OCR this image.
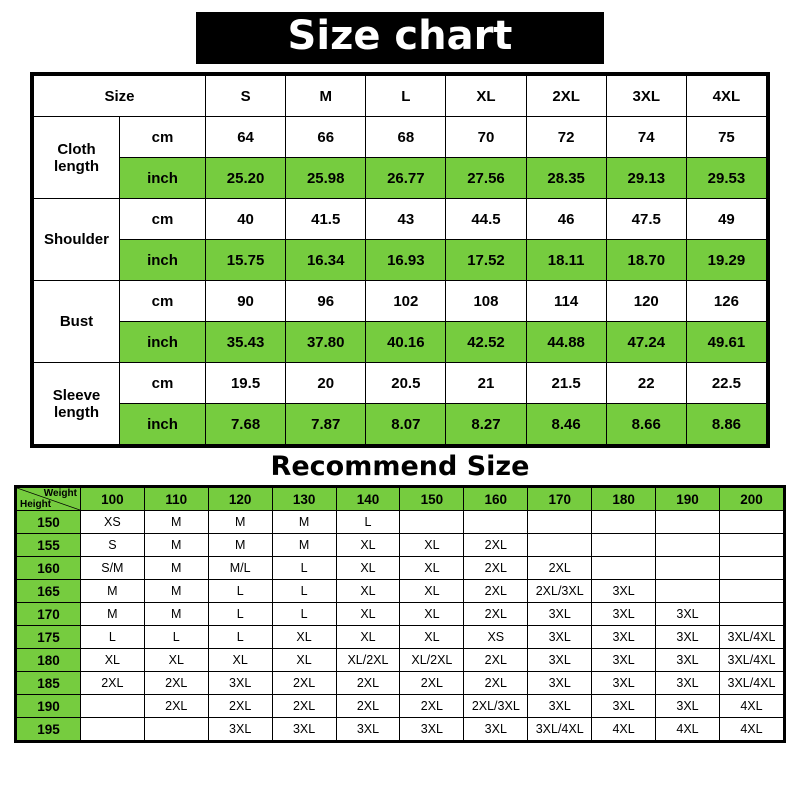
Size chart
Size		S	M	L	XL	2XL	3XL	4XL
Cloth length	cm	64	66	68	70	72	74	75
	inch	25.20	25.98	26.77	27.56	28.35	29.13	29.53
Shoulder	cm	40	41.5	43	44.5	46	47.5	49
	inch	15.75	16.34	16.93	17.52	18.11	18.70	19.29
Bust	cm	90	96	102	108	114	120	126
	inch	35.43	37.80	40.16	42.52	44.88	47.24	49.61
Sleeve length	cm	19.5	20	20.5	21	21.5	22	22.5
	inch	7.68	7.87	8.07	8.27	8.46	8.66	8.86
Recommend Size
Weight
Height	100	110	120	130	140	150	160	170	180	190	200
150	XS	M	M	M	L						
155	S	M	M	M	XL	XL	2XL				
160	S/M	M	M/L	L	XL	XL	2XL	2XL			
165	M	M	L	L	XL	XL	2XL	2XL/3XL	3XL		
170	M	M	L	L	XL	XL	2XL	3XL	3XL	3XL	
175	L	L	L	XL	XL	XL	XS	3XL	3XL	3XL	3XL/4XL
180	XL	XL	XL	XL	XL/2XL	XL/2XL	2XL	3XL	3XL	3XL	3XL/4XL
185	2XL	2XL	3XL	2XL	2XL	2XL	2XL	3XL	3XL	3XL	3XL/4XL
190		2XL	2XL	2XL	2XL	2XL	2XL/3XL	3XL	3XL	3XL	4XL
195			3XL	3XL	3XL	3XL	3XL	3XL/4XL	4XL	4XL	4XL
